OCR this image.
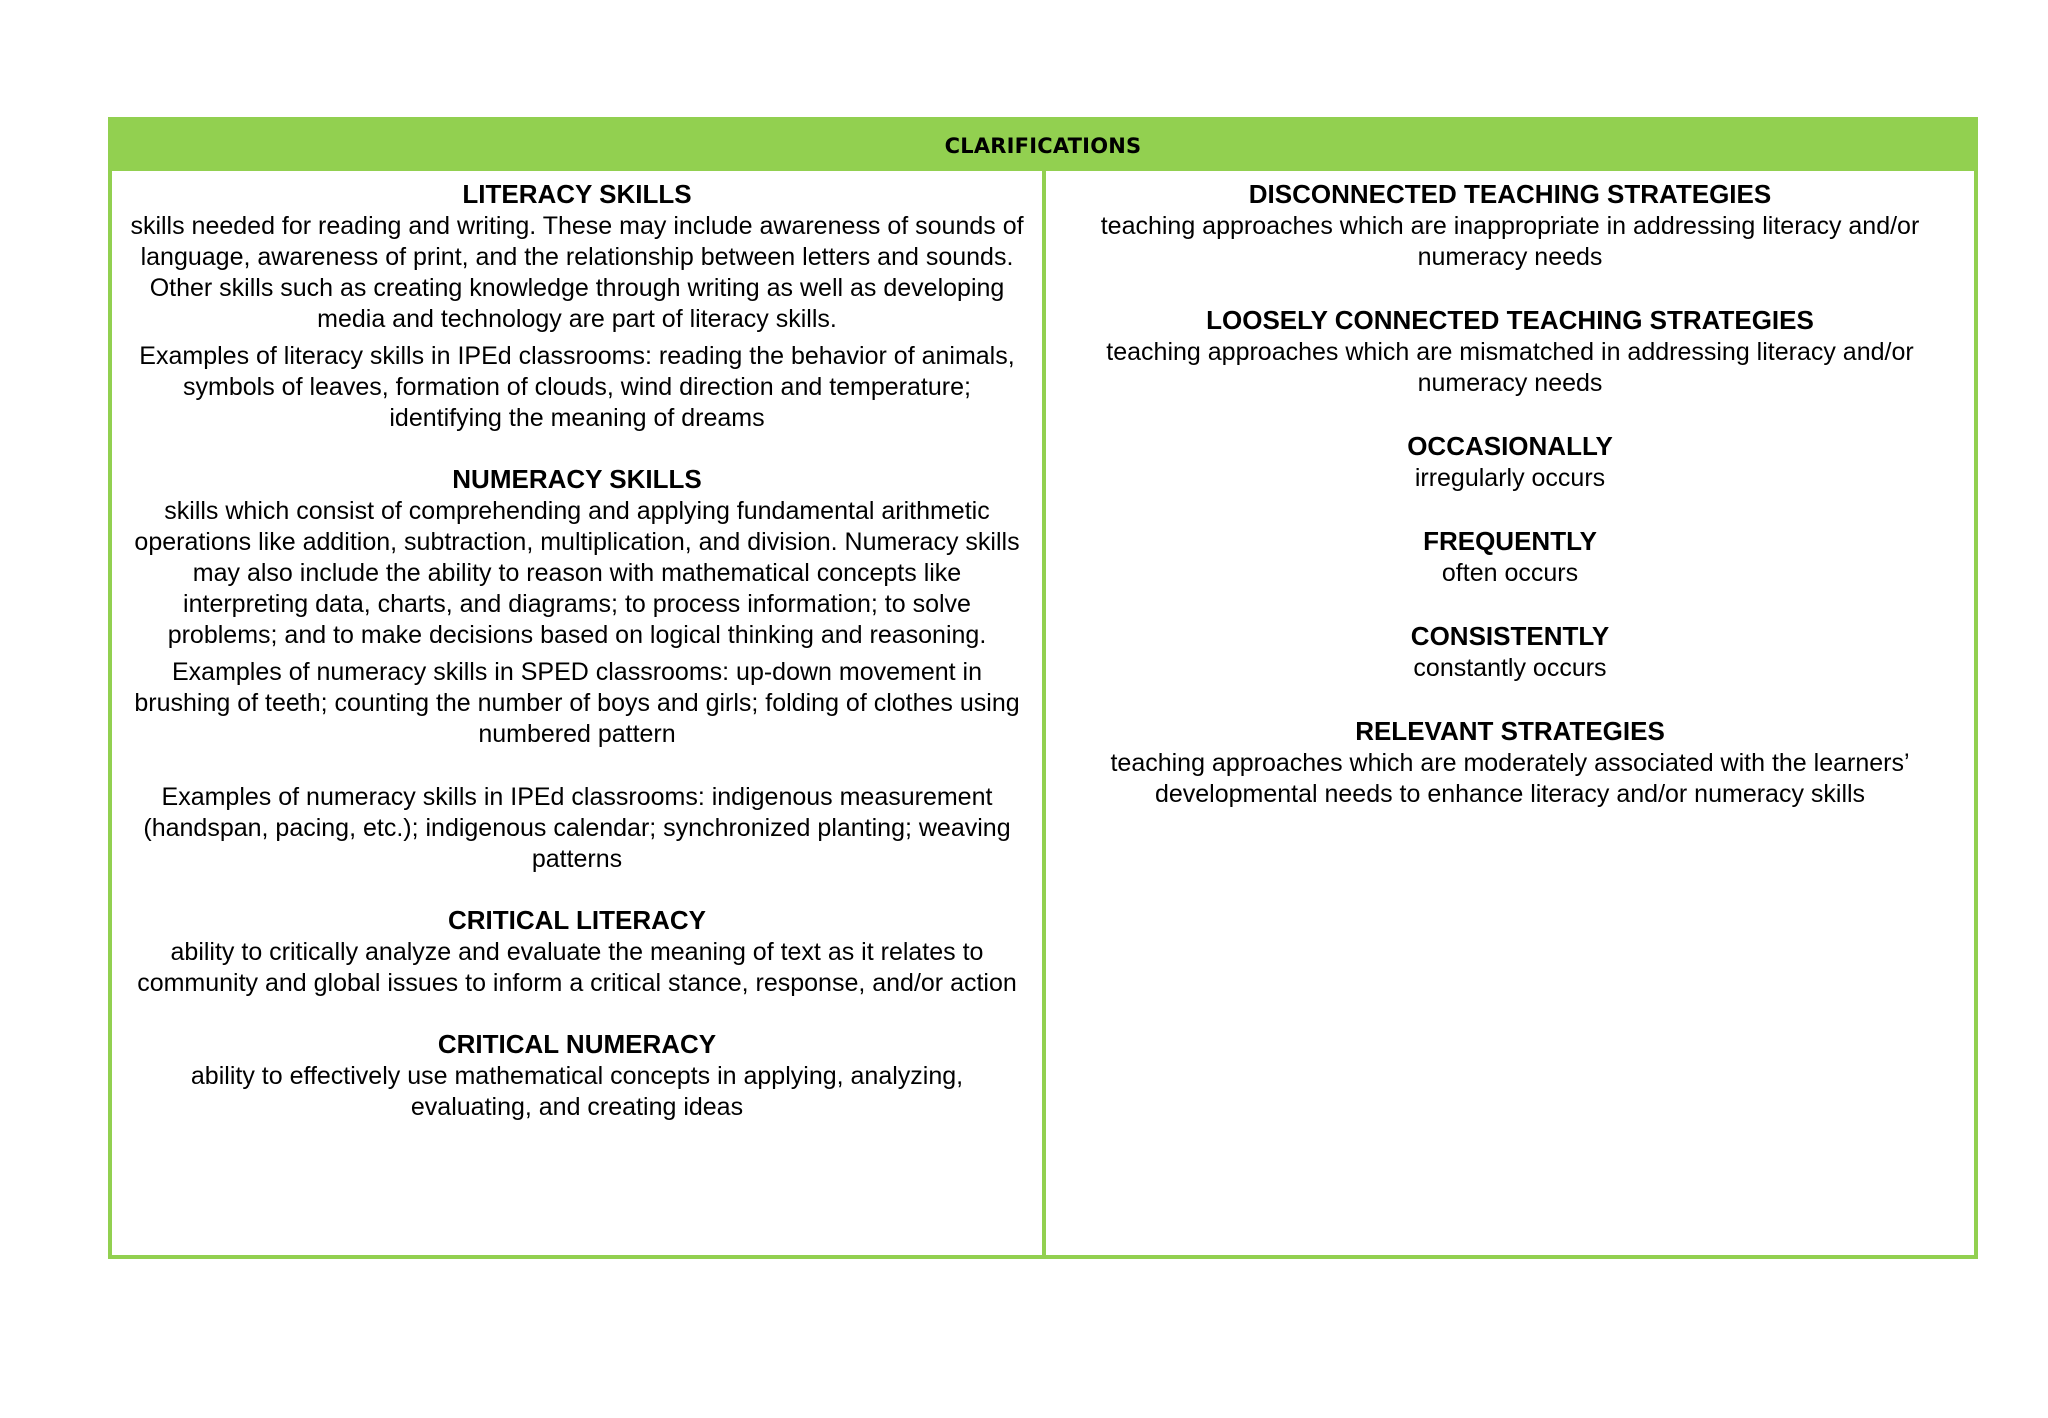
CLARIFICATIONS
LITERACY SKILLS
skills needed for reading and writing. These may include awareness of sounds of language, awareness of print, and the relationship between letters and sounds. Other skills such as creating knowledge through writing as well as developing media and technology are part of literacy skills.
Examples of literacy skills in IPEd classrooms: reading the behavior of animals, symbols of leaves, formation of clouds, wind direction and temperature; identifying the meaning of dreams
NUMERACY SKILLS
skills which consist of comprehending and applying fundamental arithmetic operations like addition, subtraction, multiplication, and division. Numeracy skills may also include the ability to reason with mathematical concepts like interpreting data, charts, and diagrams; to process information; to solve problems; and to make decisions based on logical thinking and reasoning.
Examples of numeracy skills in SPED classrooms: up-down movement in brushing of teeth; counting the number of boys and girls; folding of clothes using numbered pattern
Examples of numeracy skills in IPEd classrooms: indigenous measurement (handspan, pacing, etc.); indigenous calendar; synchronized planting; weaving patterns
CRITICAL LITERACY
ability to critically analyze and evaluate the meaning of text as it relates to community and global issues to inform a critical stance, response, and/or action
CRITICAL NUMERACY
ability to effectively use mathematical concepts in applying, analyzing, evaluating, and creating ideas
DISCONNECTED TEACHING STRATEGIES
teaching approaches which are inappropriate in addressing literacy and/or numeracy needs
LOOSELY CONNECTED TEACHING STRATEGIES
teaching approaches which are mismatched in addressing literacy and/or numeracy needs
OCCASIONALLY
irregularly occurs
FREQUENTLY
often occurs
CONSISTENTLY
constantly occurs
RELEVANT STRATEGIES
teaching approaches which are moderately associated with the learners’ developmental needs to enhance literacy and/or numeracy skills
